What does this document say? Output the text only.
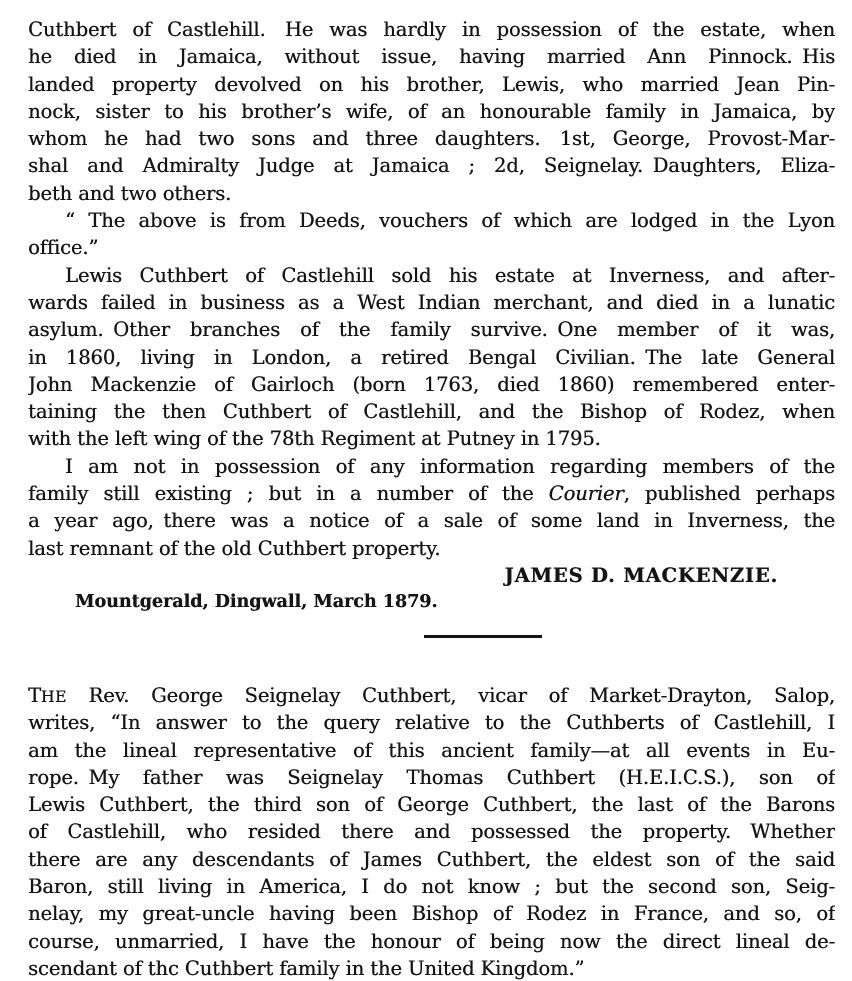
Cuthbert of Castlehill.  He was hardly in possession of the estate, when
he died in Jamaica, without issue, having married Ann Pinnock. His
landed property devolved on his brother, Lewis, who married Jean Pin-
nock, sister to his brother’s wife, of an honourable family in Jamaica, by
whom he had two sons and three daughters.  1st, George, Provost-Mar-
shal and Admiralty Judge at Jamaica ; 2d, Seignelay. Daughters, Eliza-
beth and two others.
“ The above is from Deeds, vouchers of which are lodged in the Lyon
office.”
Lewis Cuthbert of Castlehill sold his estate at Inverness, and after-
wards failed in business as a West Indian merchant, and died in a lunatic
asylum. Other branches of the family survive. One member of it was,
in 1860, living in London, a retired Bengal Civilian. The late General
John Mackenzie of Gairloch (born 1763, died 1860) remembered enter-
taining the then Cuthbert of Castlehill, and the Bishop of Rodez, when
with the left wing of the 78th Regiment at Putney in 1795.
I am not in possession of any information regarding members of the
family still existing ; but in a number of the Courier, published perhaps
a year ago, there was a notice of a sale of some land in Inverness, the
last remnant of the old Cuthbert property.
JAMES D. MACKENZIE.
Mountgerald, Dingwall, March 1879.
THE Rev. George Seignelay Cuthbert, vicar of Market-Drayton, Salop,
writes, “In answer to the query relative to the Cuthberts of Castlehill, I
am the lineal representative of this ancient family—at all events in Eu-
rope. My father was Seignelay Thomas Cuthbert (H.E.I.C.S.), son of
Lewis Cuthbert, the third son of George Cuthbert, the last of the Barons
of Castlehill, who resided there and possessed the property.  Whether
there are any descendants of James Cuthbert, the eldest son of the said
Baron, still living in America, I do not know ; but the second son, Seig-
nelay, my great-uncle having been Bishop of Rodez in France, and so, of
course, unmarried, I have the honour of being now the direct lineal de-
scendant of thc Cuthbert family in the United Kingdom.”
